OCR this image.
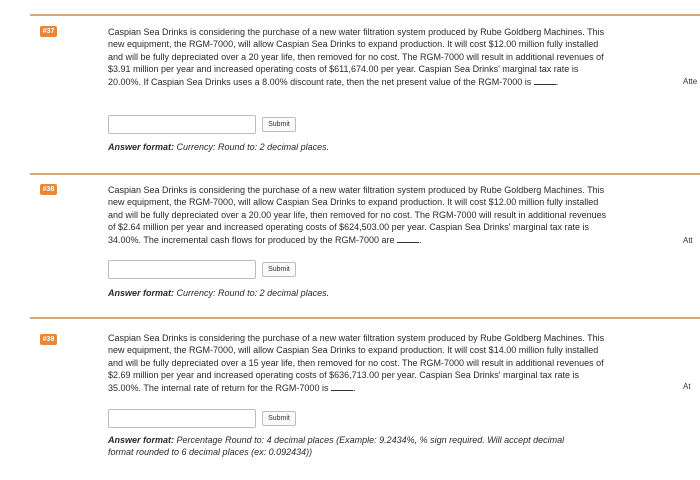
#37	Caspian Sea Drinks is considering the purchase of a new water filtration system produced by Rube Goldberg Machines. This new equipment, the RGM-7000, will allow Caspian Sea Drinks to expand production. It will cost $12.00 million fully installed and will be fully depreciated over a 20 year life, then removed for no cost. The RGM-7000 will result in additional revenues of $3.91 million per year and increased operating costs of $611,674.00 per year. Caspian Sea Drinks' marginal tax rate is 20.00%. If Caspian Sea Drinks uses a 8.00% discount rate, then the net present value of the RGM-7000 is	.
Submit
Answer format: Currency: Round to: 2 decimal places.
Atte
#38	Caspian Sea Drinks is considering the purchase of a new water filtration system produced by Rube Goldberg Machines. This new equipment, the RGM-7000, will allow Caspian Sea Drinks to expand production. It will cost $12.00 million fully installed and will be fully depreciated over a 20.00 year life, then removed for no cost. The RGM-7000 will result in additional revenues of $2.64 million per year and increased operating costs of $624,503.00 per year. Caspian Sea Drinks' marginal tax rate is 34.00%. The incremental cash flows for produced by the RGM-7000 are	.
Submit
Answer format: Currency: Round to: 2 decimal places.
Att
#39	Caspian Sea Drinks is considering the purchase of a new water filtration system produced by Rube Goldberg Machines. This new equipment, the RGM-7000, will allow Caspian Sea Drinks to expand production. It will cost $14.00 million fully installed and will be fully depreciated over a 15 year life, then removed for no cost. The RGM-7000 will result in additional revenues of $2.69 million per year and increased operating costs of $636,713.00 per year. Caspian Sea Drinks' marginal tax rate is 35.00%. The internal rate of return for the RGM-7000 is	.
Submit
Answer format: Percentage Round to: 4 decimal places (Example: 9.2434%, % sign required. Will accept decimal format rounded to 6 decimal places (ex: 0.092434))
At
